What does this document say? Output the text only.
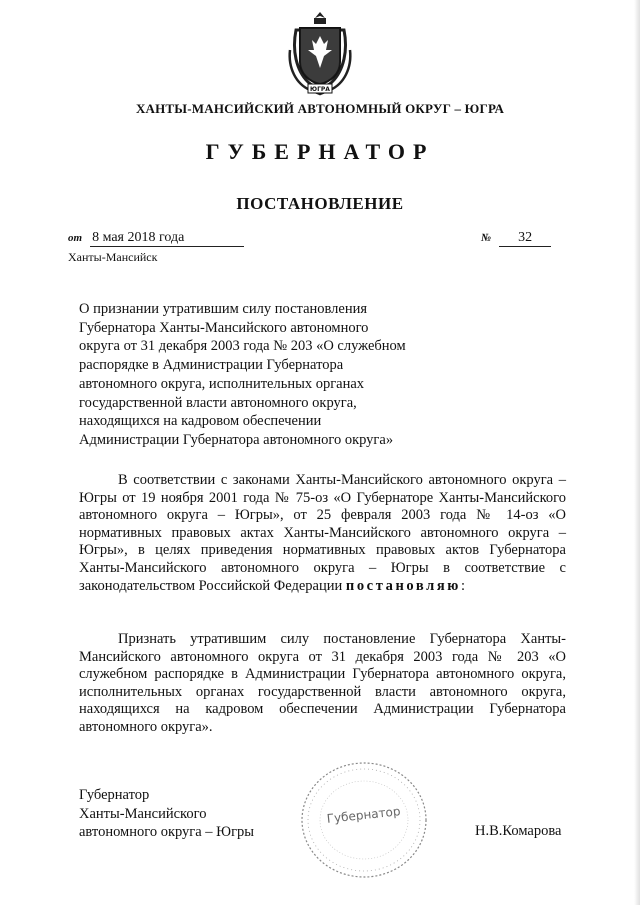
ЮГРА
ХАНТЫ-МАНСИЙСКИЙ АВТОНОМНЫЙ ОКРУГ – ЮГРА
ГУБЕРНАТОР
ПОСТАНОВЛЕНИЕ
от 8 мая 2018 года	№ 32
Ханты-Мансийск
О признании утратившим силу постановления
Губернатора Ханты-Мансийского автономного
округа от 31 декабря 2003 года № 203 «О служебном
распорядке в Администрации Губернатора
автономного округа, исполнительных органах
государственной власти автономного округа,
находящихся на кадровом обеспечении
Администрации Губернатора автономного округа»
В соответствии с законами Ханты-Мансийского автономного округа – Югры от 19 ноября 2001 года № 75-оз «О Губернаторе Ханты-Мансийского автономного округа – Югры», от 25 февраля 2003 года № 14-оз «О нормативных правовых актах Ханты-Мансийского автономного округа – Югры», в целях приведения нормативных правовых актов Губернатора Ханты-Мансийского автономного округа – Югры в соответствие с законодательством Российской Федерации постановляю:
Признать утратившим силу постановление Губернатора Ханты-Мансийского автономного округа от 31 декабря 2003 года № 203 «О служебном распорядке в Администрации Губернатора автономного округа, исполнительных органах государственной власти автономного округа, находящихся на кадровом обеспечении Администрации Губернатора автономного округа».
Губернатор
Ханты-Мансийского
автономного округа – Югры
Губернатор
Н.В.Комарова
